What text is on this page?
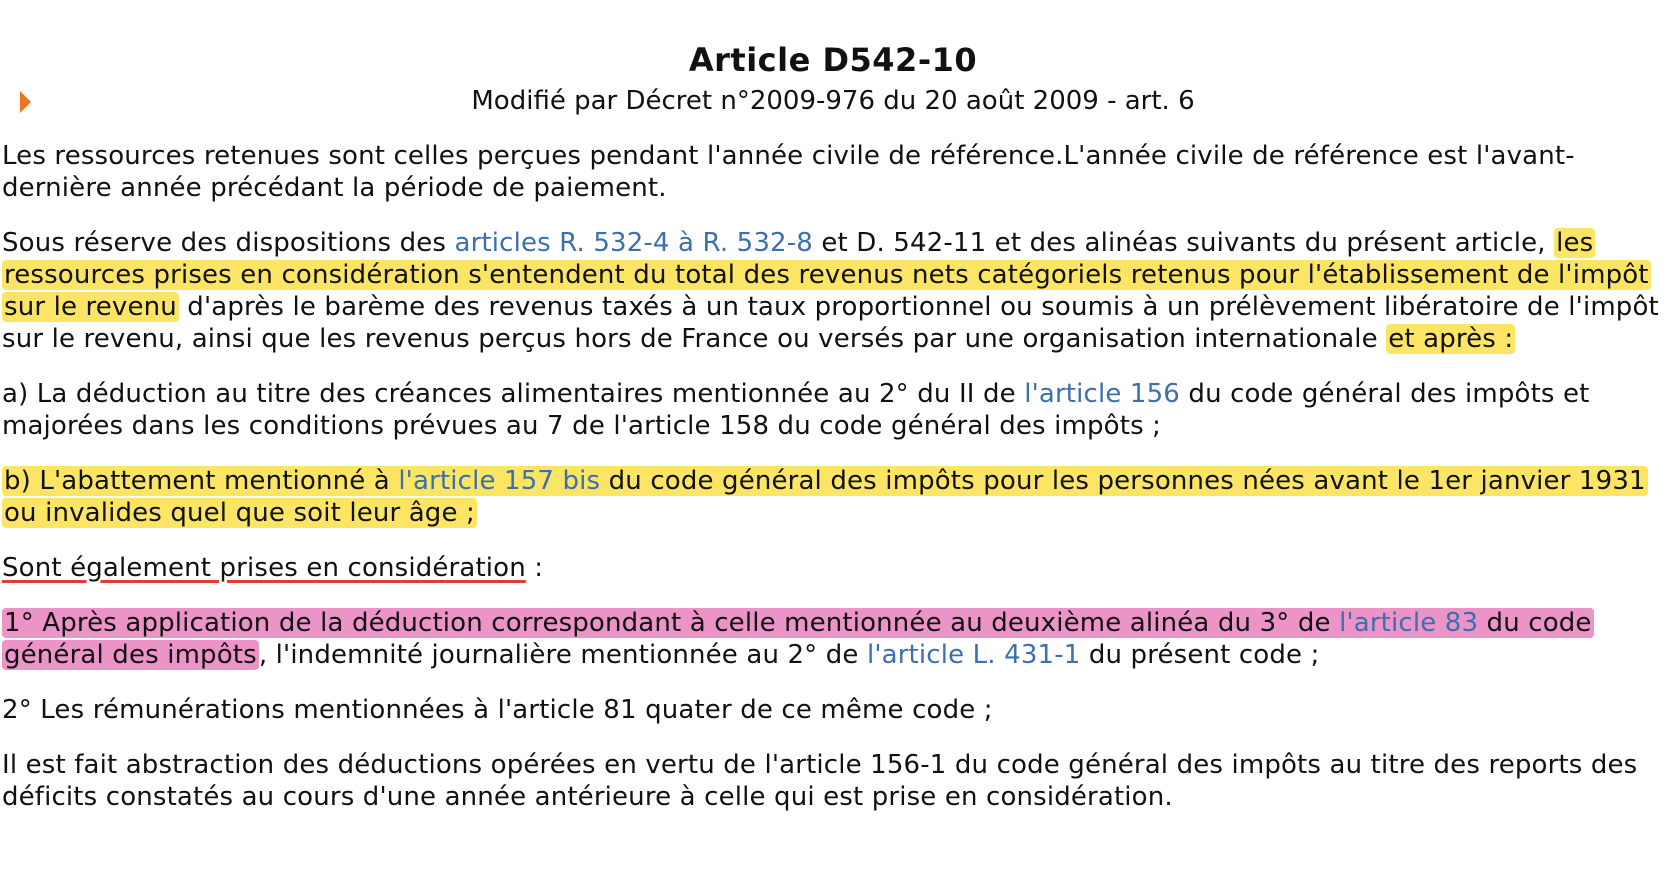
Article D542-10
Modifié par Décret n°2009-976 du 20 août 2009 - art. 6

Les ressources retenues sont celles perçues pendant l'année civile de référence.L'année civile de référence est l'avant-dernière année précédant la période de paiement.

Sous réserve des dispositions des articles R. 532-4 à R. 532-8 et D. 542-11 et des alinéas suivants du présent article, les ressources prises en considération s'entendent du total des revenus nets catégoriels retenus pour l'établissement de l'impôt sur le revenu d'après le barème des revenus taxés à un taux proportionnel ou soumis à un prélèvement libératoire de l'impôt sur le revenu, ainsi que les revenus perçus hors de France ou versés par une organisation internationale et après :

a) La déduction au titre des créances alimentaires mentionnée au 2° du II de l'article 156 du code général des impôts et majorées dans les conditions prévues au 7 de l'article 158 du code général des impôts ;

b) L'abattement mentionné à l'article 157 bis du code général des impôts pour les personnes nées avant le 1er janvier 1931 ou invalides quel que soit leur âge ;

Sont également prises en considération :

1° Après application de la déduction correspondant à celle mentionnée au deuxième alinéa du 3° de l'article 83 du code général des impôts, l'indemnité journalière mentionnée au 2° de l'article L. 431-1 du présent code ;

2° Les rémunérations mentionnées à l'article 81 quater de ce même code ;

Il est fait abstraction des déductions opérées en vertu de l'article 156-1 du code général des impôts au titre des reports des déficits constatés au cours d'une année antérieure à celle qui est prise en considération.
